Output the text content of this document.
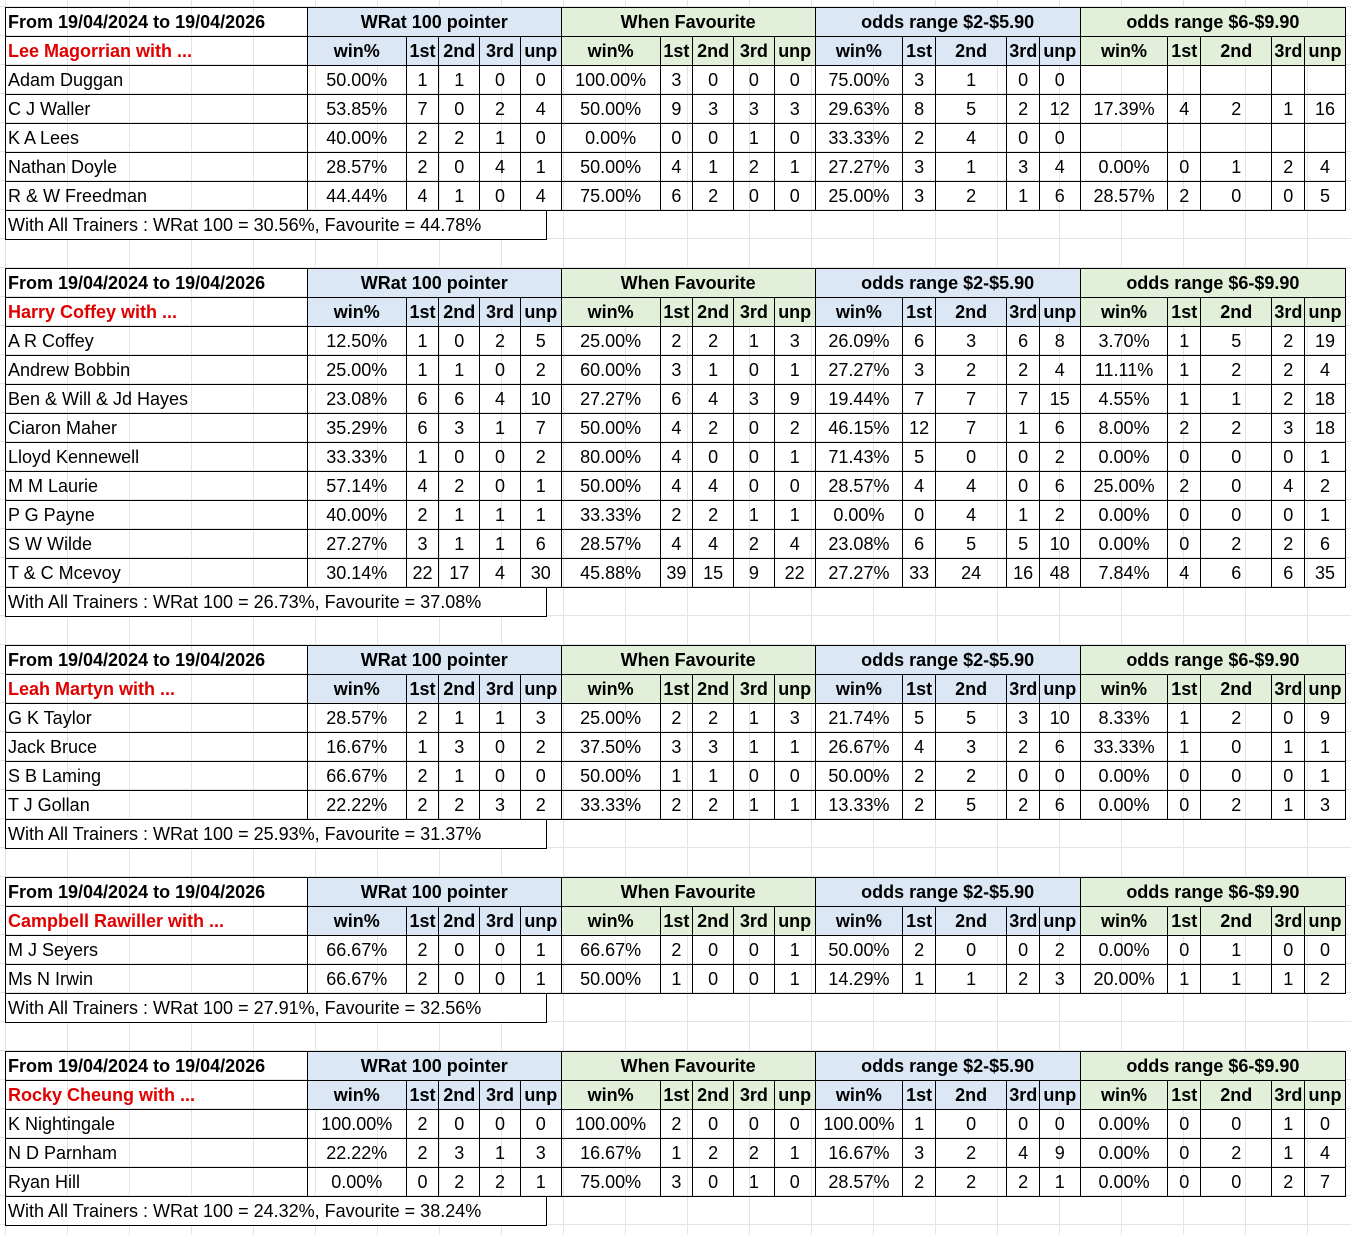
From 19/04/2024 to 19/04/2026	WRat 100 pointer					When Favourite					odds range $2-$5.90					odds range $6-$9.90				
Lee Magorrian with ...	win%	1st	2nd	3rd	unp	win%	1st	2nd	3rd	unp	win%	1st	2nd	3rd	unp	win%	1st	2nd	3rd	unp
Adam Duggan	50.00%	1	1	0	0	100.00%	3	0	0	0	75.00%	3	1	0	0					
C J Waller	53.85%	7	0	2	4	50.00%	9	3	3	3	29.63%	8	5	2	12	17.39%	4	2	1	16
K A Lees	40.00%	2	2	1	0	0.00%	0	0	1	0	33.33%	2	4	0	0					
Nathan Doyle	28.57%	2	0	4	1	50.00%	4	1	2	1	27.27%	3	1	3	4	0.00%	0	1	2	4
R & W Freedman	44.44%	4	1	0	4	75.00%	6	2	0	0	25.00%	3	2	1	6	28.57%	2	0	0	5
With All Trainers : WRat 100 = 30.56%, Favourite = 44.78%
From 19/04/2024 to 19/04/2026	WRat 100 pointer					When Favourite					odds range $2-$5.90					odds range $6-$9.90				
Harry Coffey with ...	win%	1st	2nd	3rd	unp	win%	1st	2nd	3rd	unp	win%	1st	2nd	3rd	unp	win%	1st	2nd	3rd	unp
A R Coffey	12.50%	1	0	2	5	25.00%	2	2	1	3	26.09%	6	3	6	8	3.70%	1	5	2	19
Andrew Bobbin	25.00%	1	1	0	2	60.00%	3	1	0	1	27.27%	3	2	2	4	11.11%	1	2	2	4
Ben & Will & Jd Hayes	23.08%	6	6	4	10	27.27%	6	4	3	9	19.44%	7	7	7	15	4.55%	1	1	2	18
Ciaron Maher	35.29%	6	3	1	7	50.00%	4	2	0	2	46.15%	12	7	1	6	8.00%	2	2	3	18
Lloyd Kennewell	33.33%	1	0	0	2	80.00%	4	0	0	1	71.43%	5	0	0	2	0.00%	0	0	0	1
M M Laurie	57.14%	4	2	0	1	50.00%	4	4	0	0	28.57%	4	4	0	6	25.00%	2	0	4	2
P G Payne	40.00%	2	1	1	1	33.33%	2	2	1	1	0.00%	0	4	1	2	0.00%	0	0	0	1
S W Wilde	27.27%	3	1	1	6	28.57%	4	4	2	4	23.08%	6	5	5	10	0.00%	0	2	2	6
T & C Mcevoy	30.14%	22	17	4	30	45.88%	39	15	9	22	27.27%	33	24	16	48	7.84%	4	6	6	35
With All Trainers : WRat 100 = 26.73%, Favourite = 37.08%
From 19/04/2024 to 19/04/2026	WRat 100 pointer					When Favourite					odds range $2-$5.90					odds range $6-$9.90				
Leah Martyn with ...	win%	1st	2nd	3rd	unp	win%	1st	2nd	3rd	unp	win%	1st	2nd	3rd	unp	win%	1st	2nd	3rd	unp
G K Taylor	28.57%	2	1	1	3	25.00%	2	2	1	3	21.74%	5	5	3	10	8.33%	1	2	0	9
Jack Bruce	16.67%	1	3	0	2	37.50%	3	3	1	1	26.67%	4	3	2	6	33.33%	1	0	1	1
S B Laming	66.67%	2	1	0	0	50.00%	1	1	0	0	50.00%	2	2	0	0	0.00%	0	0	0	1
T J Gollan	22.22%	2	2	3	2	33.33%	2	2	1	1	13.33%	2	5	2	6	0.00%	0	2	1	3
With All Trainers : WRat 100 = 25.93%, Favourite = 31.37%
From 19/04/2024 to 19/04/2026	WRat 100 pointer					When Favourite					odds range $2-$5.90					odds range $6-$9.90				
Campbell Rawiller with ...	win%	1st	2nd	3rd	unp	win%	1st	2nd	3rd	unp	win%	1st	2nd	3rd	unp	win%	1st	2nd	3rd	unp
M J Seyers	66.67%	2	0	0	1	66.67%	2	0	0	1	50.00%	2	0	0	2	0.00%	0	1	0	0
Ms N Irwin	66.67%	2	0	0	1	50.00%	1	0	0	1	14.29%	1	1	2	3	20.00%	1	1	1	2
With All Trainers : WRat 100 = 27.91%, Favourite = 32.56%
From 19/04/2024 to 19/04/2026	WRat 100 pointer					When Favourite					odds range $2-$5.90					odds range $6-$9.90				
Rocky Cheung with ...	win%	1st	2nd	3rd	unp	win%	1st	2nd	3rd	unp	win%	1st	2nd	3rd	unp	win%	1st	2nd	3rd	unp
K Nightingale	100.00%	2	0	0	0	100.00%	2	0	0	0	100.00%	1	0	0	0	0.00%	0	0	1	0
N D Parnham	22.22%	2	3	1	3	16.67%	1	2	2	1	16.67%	3	2	4	9	0.00%	0	2	1	4
Ryan Hill	0.00%	0	2	2	1	75.00%	3	0	1	0	28.57%	2	2	2	1	0.00%	0	0	2	7
With All Trainers : WRat 100 = 24.32%, Favourite = 38.24%
